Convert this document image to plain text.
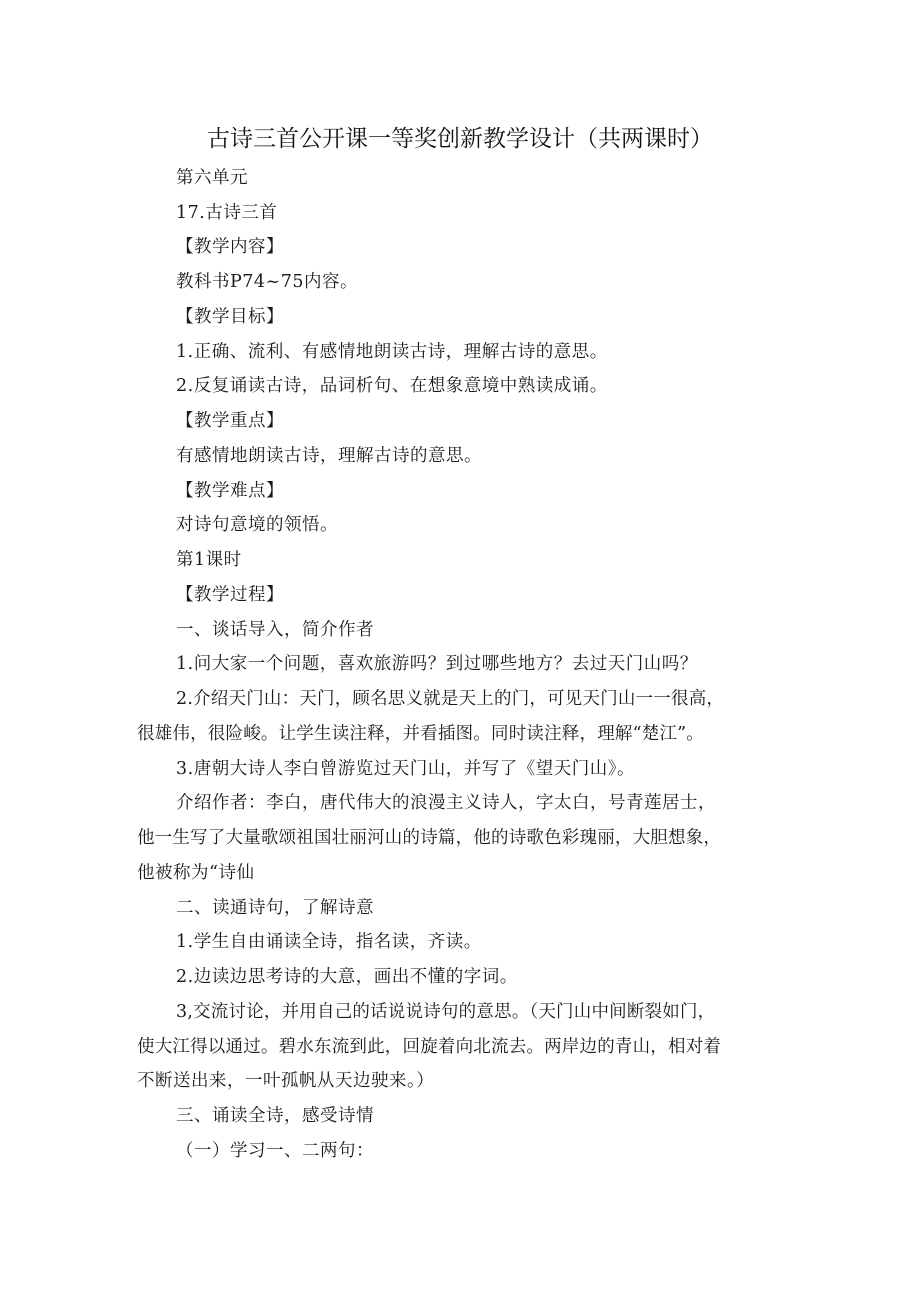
古诗三首公开课一等奖创新教学设计（共两课时）
第六单元
17.古诗三首
【教学内容】
教科书P74~75内容。
【教学目标】
1.正确、流利、有感情地朗读古诗，理解古诗的意思。
2.反复诵读古诗，品词析句、在想象意境中熟读成诵。
【教学重点】
有感情地朗读古诗，理解古诗的意思。
【教学难点】
对诗句意境的领悟。
第1课时
【教学过程】
一、谈话导入，简介作者
1.问大家一个问题，喜欢旅游吗？到过哪些地方？去过天门山吗？
2.介绍天门山：天门，顾名思义就是天上的门，可见天门山一一很高，
很雄伟，很险峻。让学生读注释，并看插图。同时读注释，理解“楚江”。
3.唐朝大诗人李白曾游览过天门山，并写了《望天门山》。
介绍作者：李白，唐代伟大的浪漫主义诗人，字太白，号青莲居士，
他一生写了大量歌颂祖国壮丽河山的诗篇，他的诗歌色彩瑰丽，大胆想象，
他被称为“诗仙
二、读通诗句，了解诗意
1.学生自由诵读全诗，指名读，齐读。
2.边读边思考诗的大意，画出不懂的字词。
3,交流讨论，并用自己的话说说诗句的意思。（天门山中间断裂如门，
使大江得以通过。碧水东流到此，回旋着向北流去。两岸边的青山，相对着
不断送出来，一叶孤帆从天边驶来。）
三、诵读全诗，感受诗情
（一）学习一、二两句：
